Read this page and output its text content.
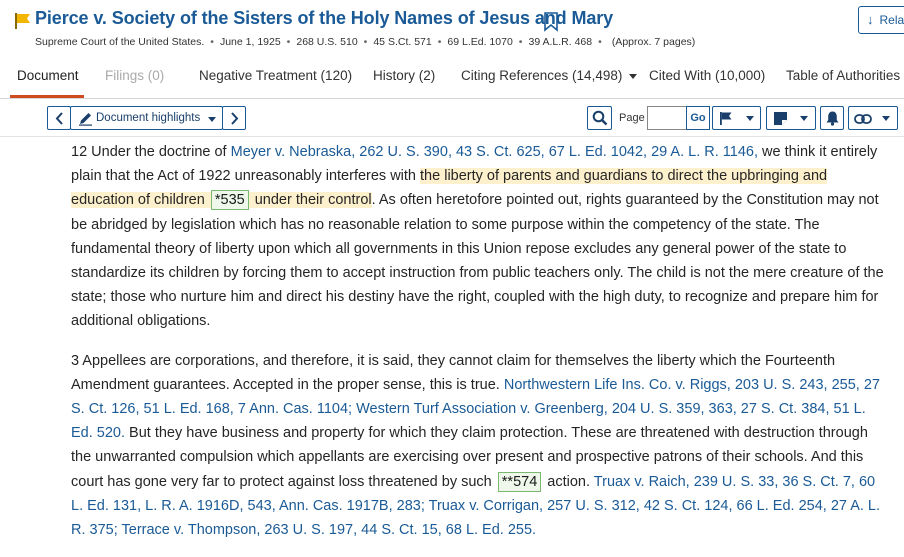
Pierce v. Society of the Sisters of the Holy Names of Jesus and Mary
Supreme Court of the United States. • June 1, 1925 • 268 U.S. 510 • 45 S.Ct. 571 • 69 L.Ed. 1070 • 39 A.L.R. 468 • (Approx. 7 pages)
↓ Rela
Document Filings (0)	Negative Treatment (120) History (2) Citing References (14,498)	Cited With (10,000) Table of Authorities
Document highlights	Page	Go

12 Under the doctrine of Meyer v. Nebraska, 262 U. S. 390, 43 S. Ct. 625, 67 L. Ed. 1042, 29 A. L. R. 1146, we think it entirely plain that the Act of 1922 unreasonably interferes with the liberty of parents and guardians to direct the upbringing and education of children *535 under their control. As often heretofore pointed out, rights guaranteed by the Constitution may not be abridged by legislation which has no reasonable relation to some purpose within the competency of the state. The fundamental theory of liberty upon which all governments in this Union repose excludes any general power of the state to standardize its children by forcing them to accept instruction from public teachers only. The child is not the mere creature of the state; those who nurture him and direct his destiny have the right, coupled with the high duty, to recognize and prepare him for additional obligations.

3 Appellees are corporations, and therefore, it is said, they cannot claim for themselves the liberty which the Fourteenth Amendment guarantees. Accepted in the proper sense, this is true. Northwestern Life Ins. Co. v. Riggs, 203 U. S. 243, 255, 27 S. Ct. 126, 51 L. Ed. 168, 7 Ann. Cas. 1104; Western Turf Association v. Greenberg, 204 U. S. 359, 363, 27 S. Ct. 384, 51 L. Ed. 520. But they have business and property for which they claim protection. These are threatened with destruction through the unwarranted compulsion which appellants are exercising over present and prospective patrons of their schools. And this court has gone very far to protect against loss threatened by such **574 action. Truax v. Raich, 239 U. S. 33, 36 S. Ct. 7, 60 L. Ed. 131, L. R. A. 1916D, 543, Ann. Cas. 1917B, 283; Truax v. Corrigan, 257 U. S. 312, 42 S. Ct. 124, 66 L. Ed. 254, 27 A. L. R. 375; Terrace v. Thompson, 263 U. S. 197, 44 S. Ct. 15, 68 L. Ed. 255.
